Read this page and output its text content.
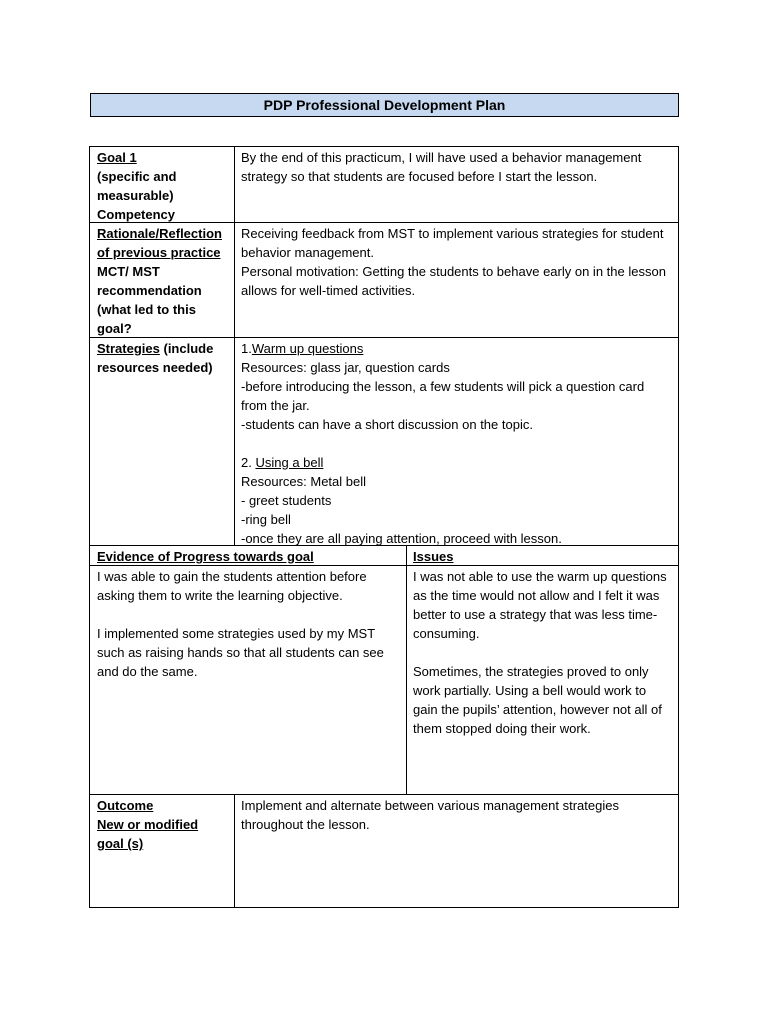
PDP Professional Development Plan
Goal 1
(specific and
measurable)
Competency
By the end of this practicum, I will have used a behavior management strategy so that students are focused before I start the lesson.
Rationale/Reflection
of previous practice
MCT/ MST
recommendation
(what led to this
goal?
Receiving feedback from MST to implement various strategies for student behavior management.
Personal motivation: Getting the students to behave early on in the lesson allows for well-timed activities.
Strategies (include
resources needed)
1.Warm up questions
Resources: glass jar, question cards
-before introducing the lesson, a few students will pick a question card from the jar.
-students can have a short discussion on the topic.
2. Using a bell
Resources: Metal bell
- greet students
-ring bell
-once they are all paying attention, proceed with lesson.
Evidence of Progress towards goal	Issues
I was able to gain the students attention before asking them to write the learning objective.
I implemented some strategies used by my MST such as raising hands so that all students can see and do the same.
I was not able to use the warm up questions as the time would not allow and I felt it was better to use a strategy that was less time-consuming.
Sometimes, the strategies proved to only work partially. Using a bell would work to gain the pupils’ attention, however not all of them stopped doing their work.
Outcome
New or modified
goal (s)
Implement and alternate between various management strategies throughout the lesson.
